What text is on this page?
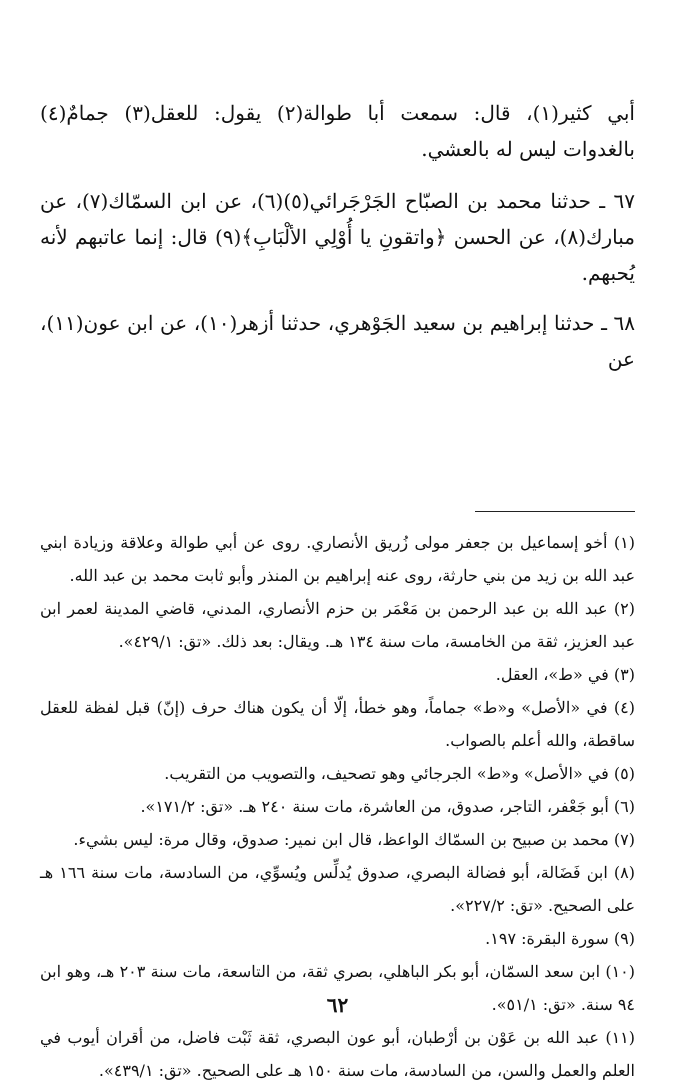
أبي كثير(١)، قال: سمعت أبا طوالة(٢) يقول: للعقل(٣) جمامٌ(٤) بالغدوات ليس له بالعشي.

٦٧ ـ حدثنا محمد بن الصبّاح الجَرْجَرائي(٥)(٦)، عن ابن السمّاك(٧)، عن مبارك(٨)، عن الحسن ﴿واتقونِ يا أُوْلِي الألْبَابِ﴾(٩) قال: إنما عاتبهم لأنه يُحبهم.

٦٨ ـ حدثنا إبراهيم بن سعيد الجَوْهري، حدثنا أزهر(١٠)، عن ابن عون(١١)، عن

(١) أخو إسماعيل بن جعفر مولى زُريق الأنصاري. روى عن أبي طوالة وعلاقة وزيادة ابني عبد الله بن زيد من بني حارثة، روى عنه إبراهيم بن المنذر وأبو ثابت محمد بن عبد الله.

(٢) عبد الله بن عبد الرحمن بن مَعْمَر بن حزم الأنصاري، المدني، قاضي المدينة لعمر ابن عبد العزيز، ثقة من الخامسة، مات سنة ١٣٤ هـ. ويقال: بعد ذلك. «تق: ٤٢٩/١».

(٣) في «ط»، العقل.

(٤) في «الأصل» و«ط» جماماً، وهو خطأ، إلّا أن يكون هناك حرف (إنّ) قبل لفظة للعقل ساقطة، والله أعلم بالصواب.

(٥) في «الأصل» و«ط» الجرجائي وهو تصحيف، والتصويب من التقريب.

(٦) أبو جَعْفر، التاجر، صدوق، من العاشرة، مات سنة ٢٤٠ هـ. «تق: ١٧١/٢».

(٧) محمد بن صبيح بن السمّاك الواعظ، قال ابن نمير: صدوق، وقال مرة: ليس بشيء.

(٨) ابن فَضَالة، أبو فضالة البصري، صدوق يُدلِّس ويُسوِّي، من السادسة، مات سنة ١٦٦ هـ على الصحيح. «تق: ٢٢٧/٢».

(٩) سورة البقرة: ١٩٧.

(١٠) ابن سعد السمّان، أبو بكر الباهلي، بصري ثقة، من التاسعة، مات سنة ٢٠٣ هـ، وهو ابن ٩٤ سنة. «تق: ٥١/١».

(١١) عبد الله بن عَوْن بن أرْطبان، أبو عون البصري، ثقة ثَبْت فاضل، من أقران أيوب في العلم والعمل والسن، من السادسة، مات سنة ١٥٠ هـ على الصحيح. «تق: ٤٣٩/١».

٦٢
